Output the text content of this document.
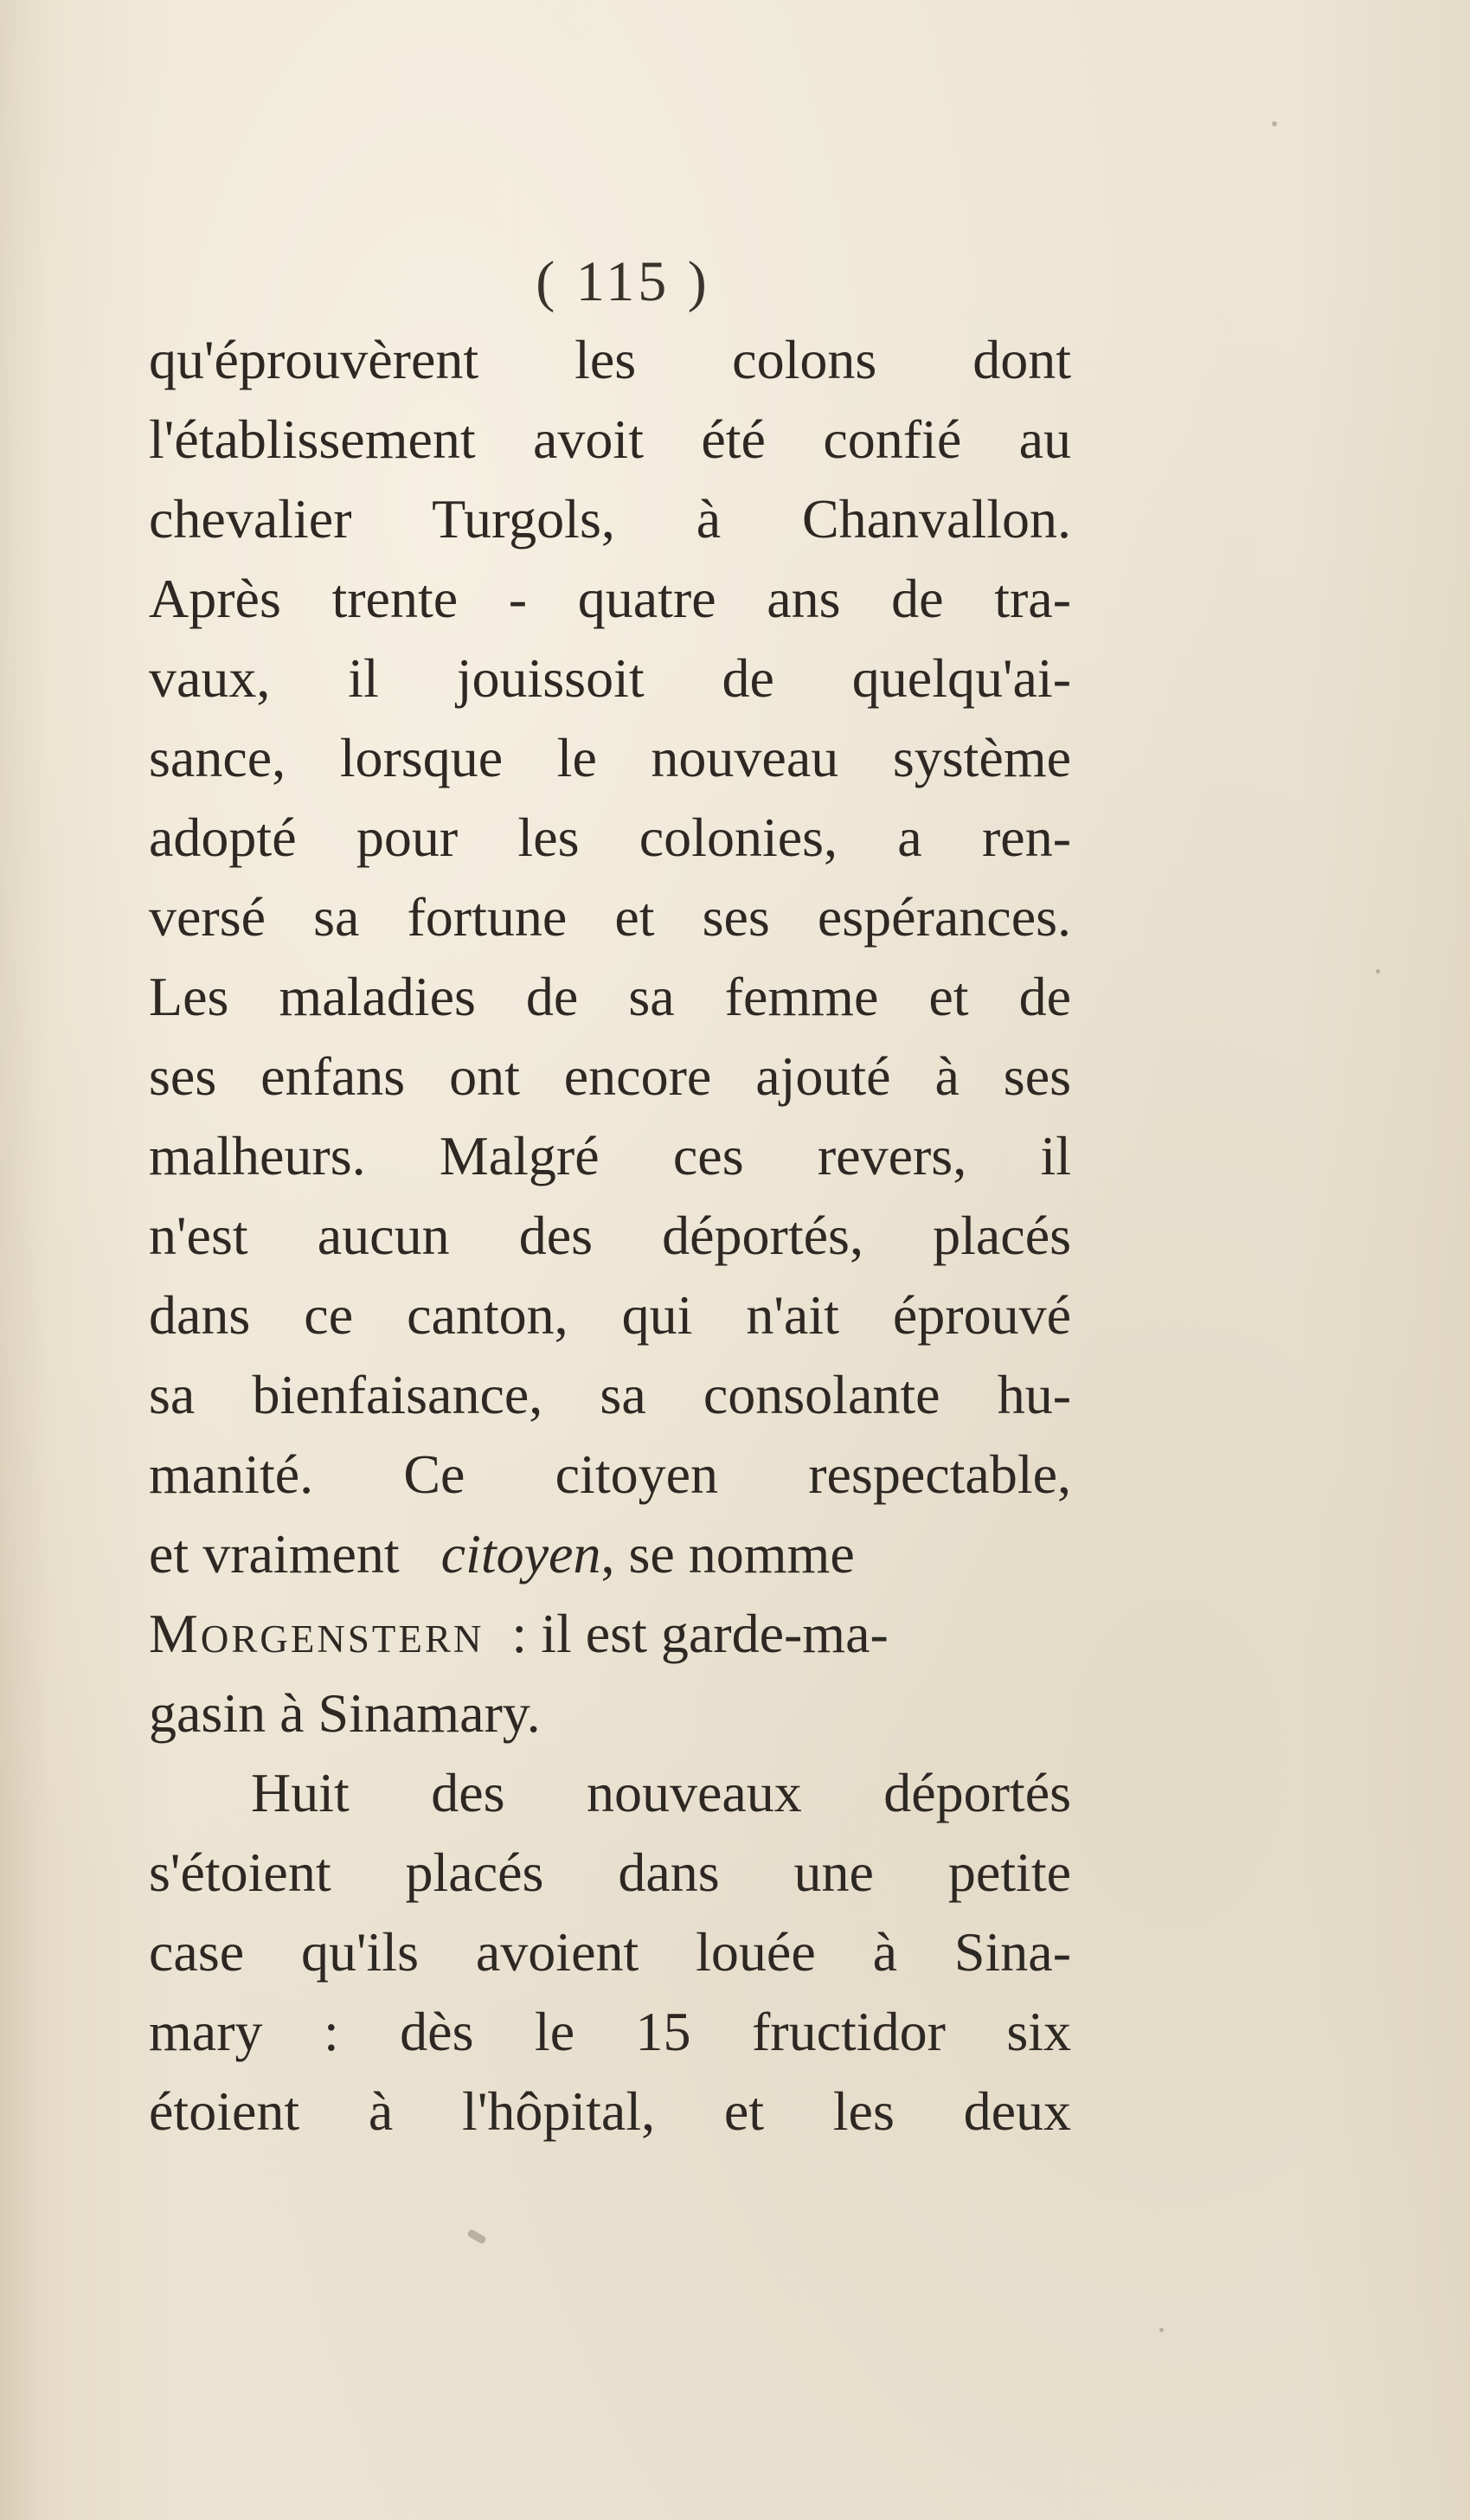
( 115 )
qu'éprouvèrent les colons dont
l'établissement avoit été confié au
chevalier Turgols, à Chanvallon.
Après trente - quatre ans de tra-
vaux, il jouissoit de quelqu'ai-
sance, lorsque le nouveau système
adopté pour les colonies, a ren-
versé sa fortune et ses espérances.
Les maladies de sa femme et de
ses enfans ont encore ajouté à ses
malheurs. Malgré ces revers, il
n'est aucun des déportés, placés
dans ce canton, qui n'ait éprouvé
sa bienfaisance, sa consolante hu-
manité. Ce citoyen respectable,
et vraiment citoyen, se nomme
Morgenstern : il est garde-ma-
gasin à Sinamary.
Huit des nouveaux déportés
s'étoient placés dans une petite
case qu'ils avoient louée à Sina-
mary : dès le 15 fructidor six
étoient à l'hôpital, et les deux
